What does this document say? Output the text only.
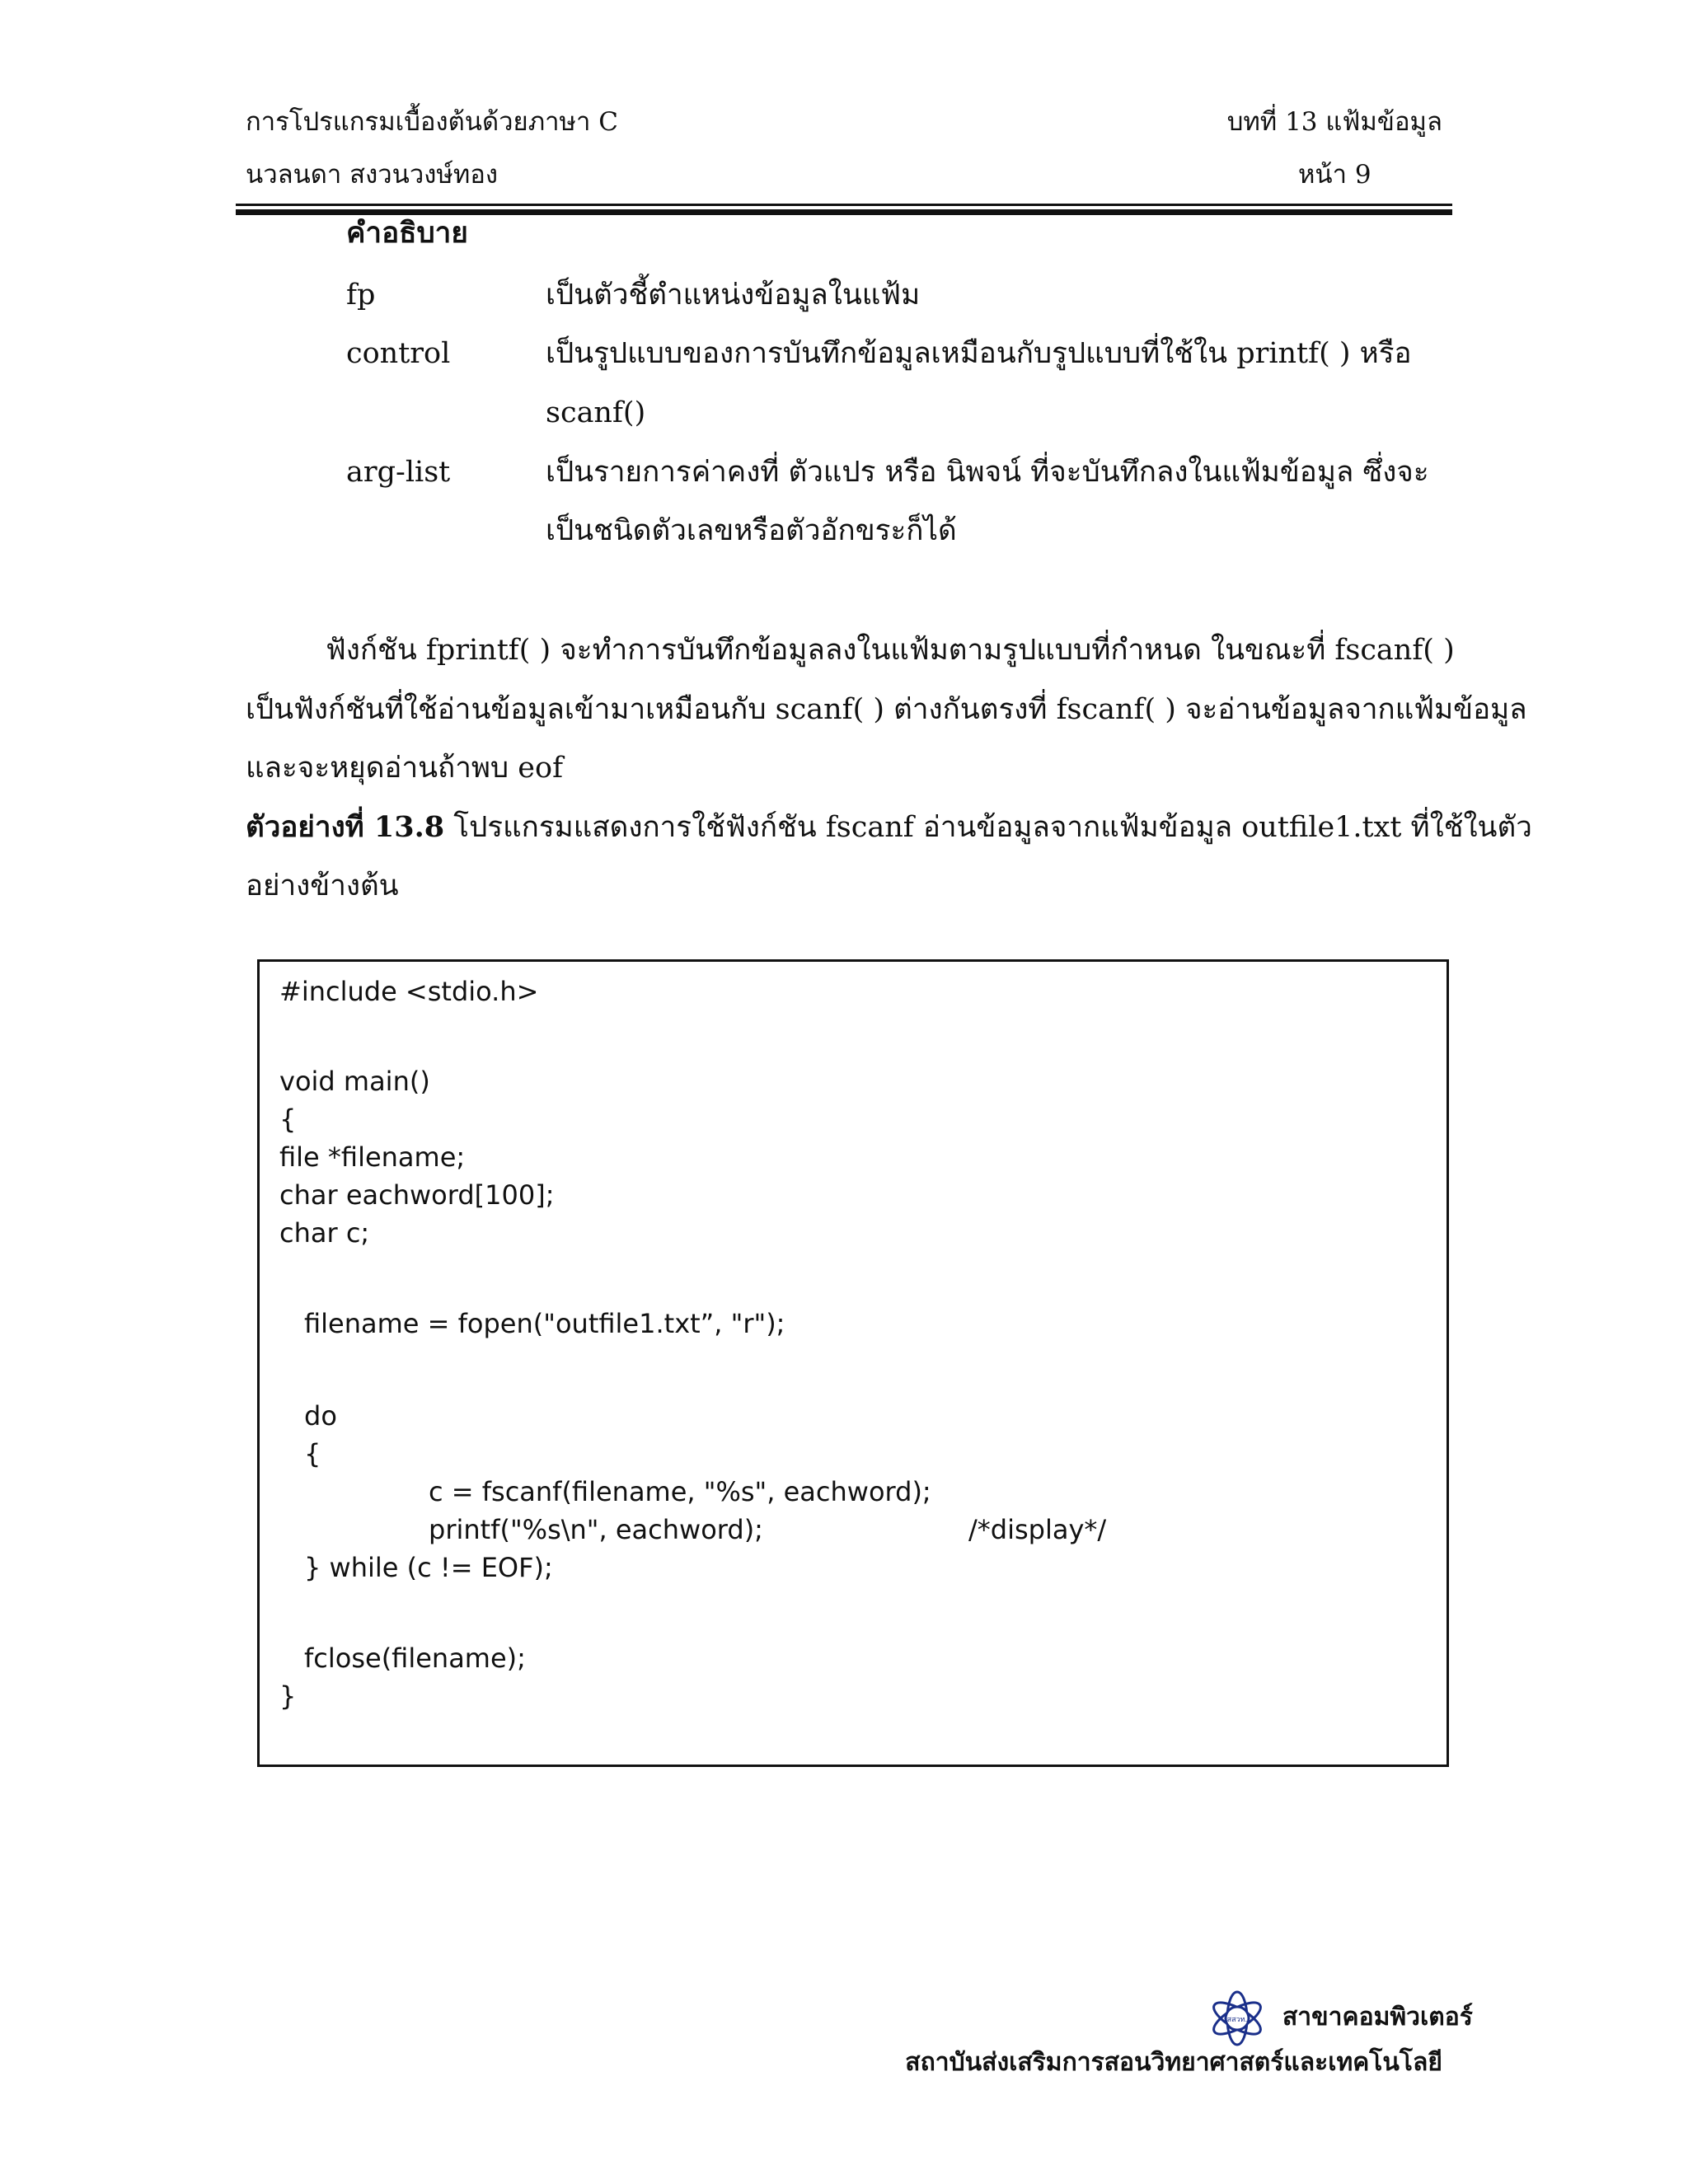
การโปรแกรมเบื้องต้นด้วยภาษา C
นวลนดา สงวนวงษ์ทอง
บทที่ 13 แฟ้มข้อมูล
หน้า 9
คำอธิบาย
fp	เป็นตัวชี้ตำแหน่งข้อมูลในแฟ้ม
control	เป็นรูปแบบของการบันทึกข้อมูลเหมือนกับรูปแบบที่ใช้ใน printf( ) หรือ
scanf()
arg-list	เป็นรายการค่าคงที่ ตัวแปร หรือ นิพจน์ ที่จะบันทึกลงในแฟ้มข้อมูล ซึ่งจะ
เป็นชนิดตัวเลขหรือตัวอักขระก็ได้
ฟังก์ชัน fprintf( ) จะทำการบันทึกข้อมูลลงในแฟ้มตามรูปแบบที่กำหนด ในขณะที่ fscanf( )
เป็นฟังก์ชันที่ใช้อ่านข้อมูลเข้ามาเหมือนกับ scanf( ) ต่างกันตรงที่ fscanf( ) จะอ่านข้อมูลจากแฟ้มข้อมูล
และจะหยุดอ่านถ้าพบ eof
ตัวอย่างที่ 13.8 โปรแกรมแสดงการใช้ฟังก์ชัน fscanf อ่านข้อมูลจากแฟ้มข้อมูล outfile1.txt ที่ใช้ในตัว
อย่างข้างต้น
#include <stdio.h>
void main()
{
file *filename;
char eachword[100];
char c;
filename = fopen("outfile1.txt”, "r");
do
{
c = fscanf(filename, "%s", eachword);
printf("%s\n", eachword);	/*display*/
} while (c != EOF);
fclose(filename);
}
สสวท. สาขาคอมพิวเตอร์
สถาบันส่งเสริมการสอนวิทยาศาสตร์และเทคโนโลยี
